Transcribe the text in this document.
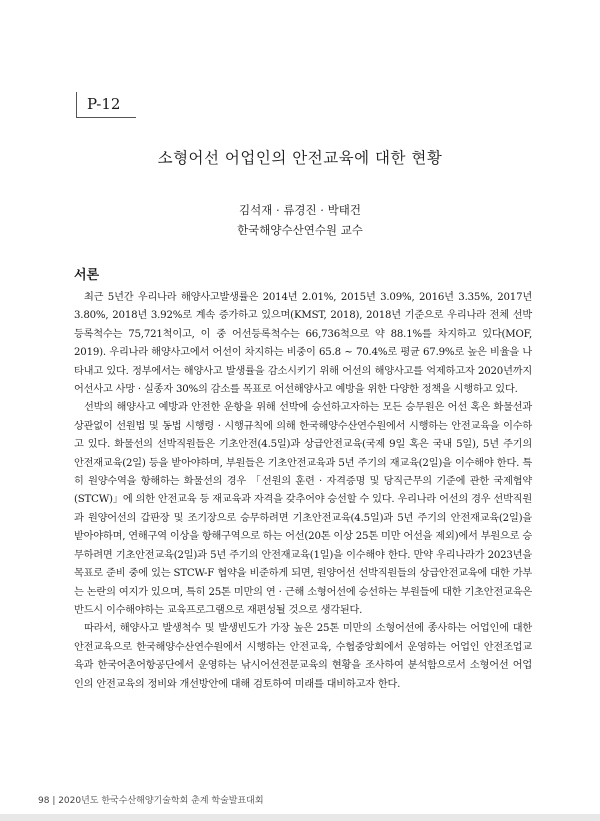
P-12
소형어선 어업인의 안전교육에 대한 현황
김석재 · 류경진 · 박태건
한국해양수산연수원 교수
서론

최근 5년간 우리나라 해양사고발생률은 2014년 2.01%, 2015년 3.09%, 2016년 3.35%, 2017년 3.80%, 2018년 3.92%로 계속 증가하고 있으며(KMST, 2018), 2018년 기준으로 우리나라 전체 선박등록척수는 75,721척이고, 이 중 어선등록척수는 66,736척으로 약 88.1%를 차지하고 있다(MOF, 2019). 우리나라 해양사고에서 어선이 차지하는 비중이 65.8 ~ 70.4%로 평균 67.9%로 높은 비율을 나타내고 있다. 정부에서는 해양사고 발생률을 감소시키기 위해 어선의 해양사고를 억제하고자 2020년까지 어선사고 사망 · 실종자 30%의 감소를 목표로 어선해양사고 예방을 위한 다양한 정책을 시행하고 있다.

선박의 해양사고 예방과 안전한 운항을 위해 선박에 승선하고자하는 모든 승무원은 어선 혹은 화물선과 상관없이 선원법 및 동법 시행령 · 시행규칙에 의해 한국해양수산연수원에서 시행하는 안전교육을 이수하고 있다. 화물선의 선박직원들은 기초안전(4.5일)과 상급안전교육(국제 9일 혹은 국내 5일), 5년 주기의 안전재교육(2일) 등을 받아야하며, 부원들은 기초안전교육과 5년 주기의 재교육(2일)을 이수해야 한다. 특히 원양수역을 항해하는 화물선의 경우 「선원의 훈련 · 자격증명 및 당직근무의 기준에 관한 국제협약(STCW)」에 의한 안전교육 등 재교육과 자격을 갖추어야 승선할 수 있다. 우리나라 어선의 경우 선박직원과 원양어선의 갑판장 및 조기장으로 승무하려면 기초안전교육(4.5일)과 5년 주기의 안전재교육(2일)을 받아야하며, 연해구역 이상을 항해구역으로 하는 어선(20톤 이상 25톤 미만 어선을 제외)에서 부원으로 승무하려면 기초안전교육(2일)과 5년 주기의 안전재교육(1일)을 이수해야 한다. 만약 우리나라가 2023년을 목표로 준비 중에 있는 STCW-F 협약을 비준하게 되면, 원양어선 선박직원들의 상급안전교육에 대한 가부는 논란의 여지가 있으며, 특히 25톤 미만의 연 · 근해 소형어선에 승선하는 부원들에 대한 기초안전교육은 반드시 이수해야하는 교육프로그램으로 재편성될 것으로 생각된다.

따라서, 해양사고 발생척수 및 발생빈도가 가장 높은 25톤 미만의 소형어선에 종사하는 어업인에 대한 안전교육으로 한국해양수산연수원에서 시행하는 안전교육, 수협중앙회에서 운영하는 어업인 안전조업교육과 한국어촌어항공단에서 운영하는 낚시어선전문교육의 현황을 조사하여 분석함으로서 소형어선 어업인의 안전교육의 정비와 개선방안에 대해 검토하여 미래를 대비하고자 한다.

98 | 2020년도 한국수산해양기술학회 춘계 학술발표대회
